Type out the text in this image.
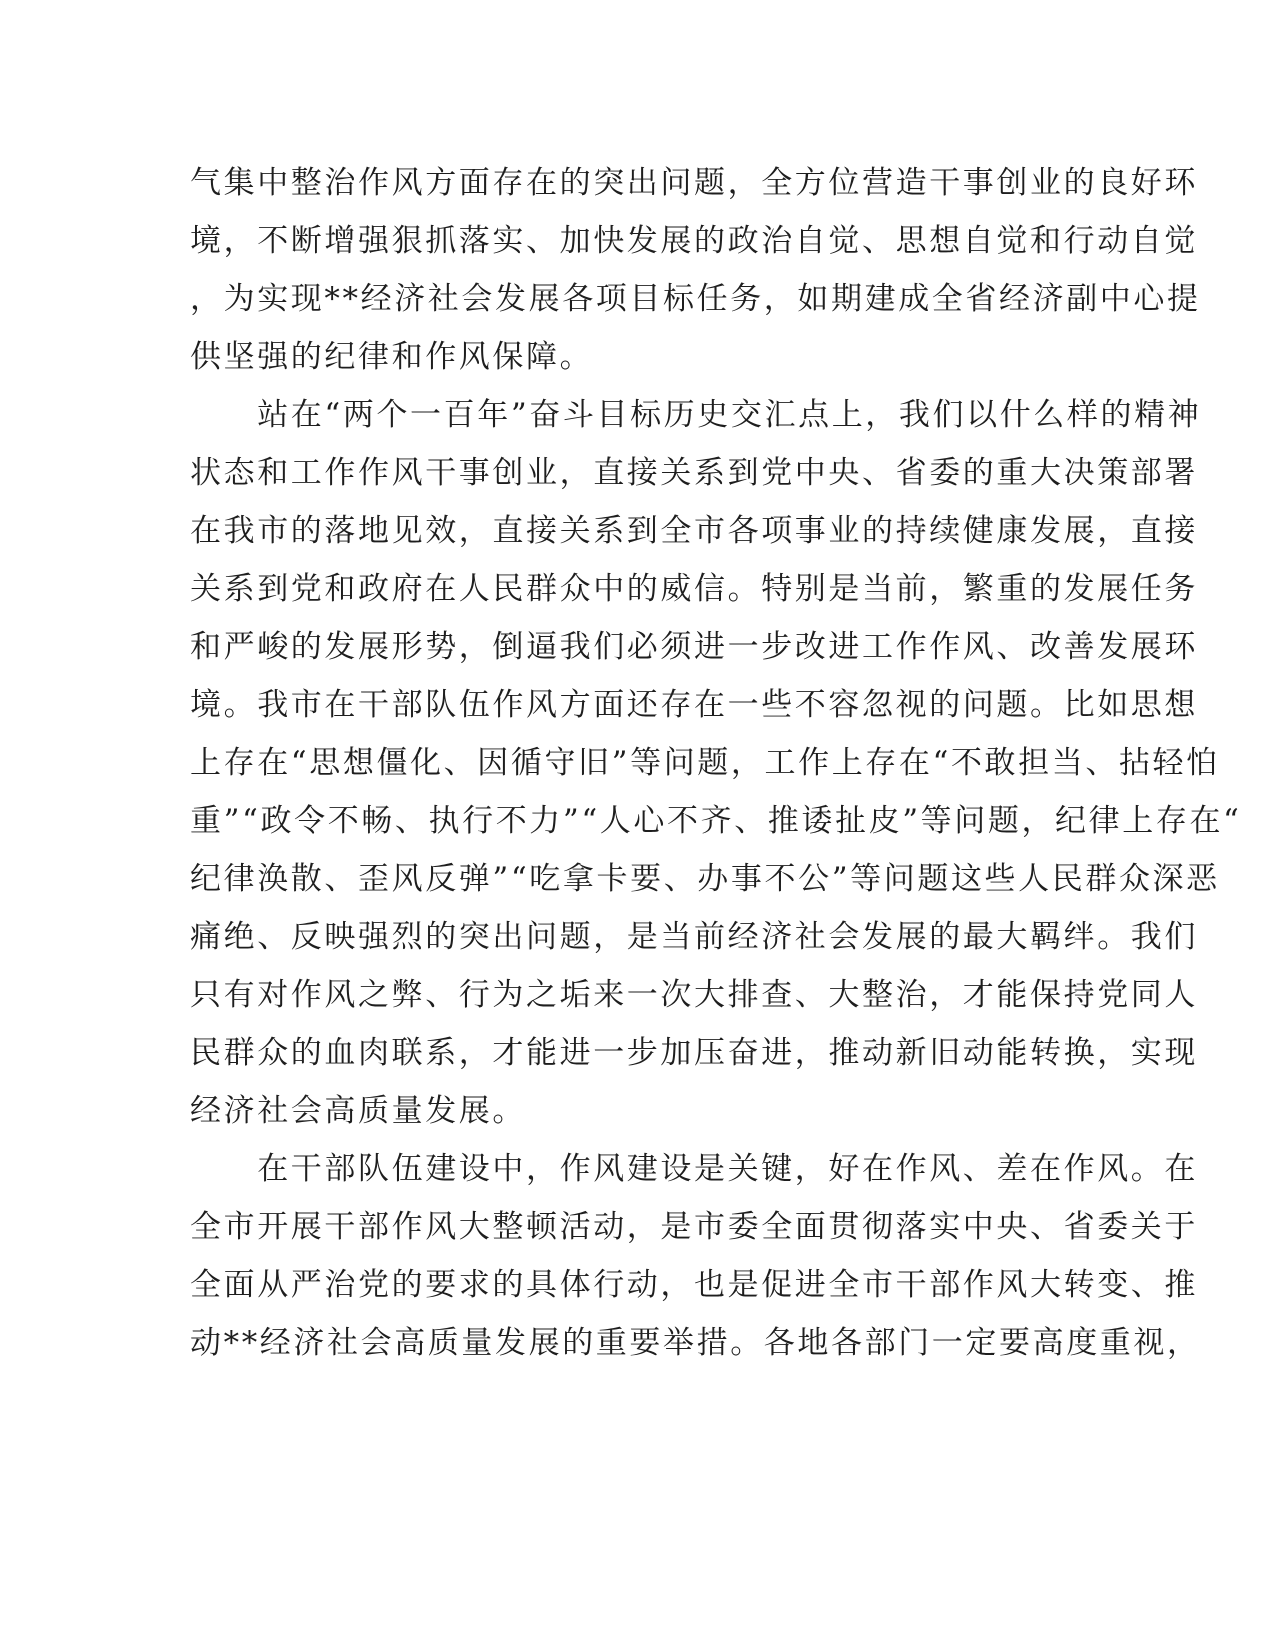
气集中整治作风方面存在的突出问题，全方位营造干事创业的良好环
境，不断增强狠抓落实、加快发展的政治自觉、思想自觉和行动自觉
，为实现**经济社会发展各项目标任务，如期建成全省经济副中心提
供坚强的纪律和作风保障。
　　站在“两个一百年”奋斗目标历史交汇点上，我们以什么样的精神
状态和工作作风干事创业，直接关系到党中央、省委的重大决策部署
在我市的落地见效，直接关系到全市各项事业的持续健康发展，直接
关系到党和政府在人民群众中的威信。特别是当前，繁重的发展任务
和严峻的发展形势，倒逼我们必须进一步改进工作作风、改善发展环
境。我市在干部队伍作风方面还存在一些不容忽视的问题。比如思想
上存在“思想僵化、因循守旧”等问题，工作上存在“不敢担当、拈轻怕
重”“政令不畅、执行不力”“人心不齐、推诿扯皮”等问题，纪律上存在“
纪律涣散、歪风反弹”“吃拿卡要、办事不公”等问题这些人民群众深恶
痛绝、反映强烈的突出问题，是当前经济社会发展的最大羁绊。我们
只有对作风之弊、行为之垢来一次大排查、大整治，才能保持党同人
民群众的血肉联系，才能进一步加压奋进，推动新旧动能转换，实现
经济社会高质量发展。
　　在干部队伍建设中，作风建设是关键，好在作风、差在作风。在
全市开展干部作风大整顿活动，是市委全面贯彻落实中央、省委关于
全面从严治党的要求的具体行动，也是促进全市干部作风大转变、推
动**经济社会高质量发展的重要举措。各地各部门一定要高度重视，
